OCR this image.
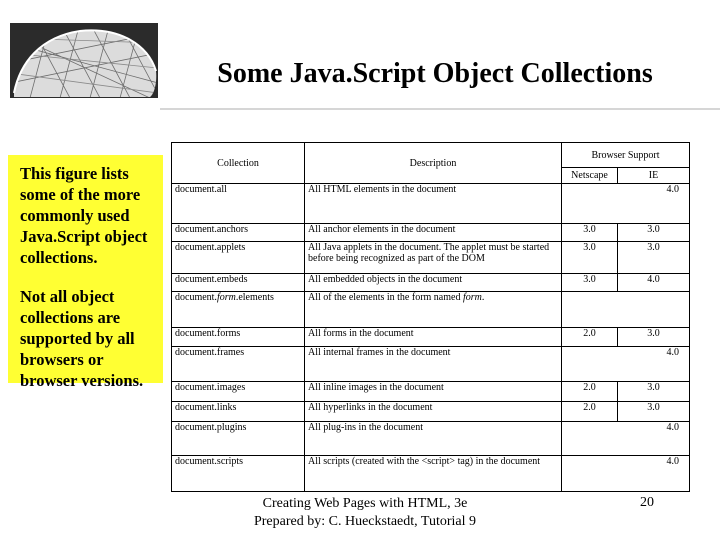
Some Java.Script Object Collections

This figure lists some of the more commonly used Java.Script object collections.

Not all object collections are supported by all browsers or browser versions.

Collection	Description	Browser Support	
		Netscape	IE
document.all	All HTML elements in the document	4.0	
document.anchors	All anchor elements in the document	3.0	3.0
document.applets	All Java applets in the document. The applet must be started before being recognized as part of the DOM	3.0	3.0
document.embeds	All embedded objects in the document	3.0	4.0
document.form.elements	All of the elements in the form named form.		
document.forms	All forms in the document	2.0	3.0
document.frames	All internal frames in the document	4.0	
document.images	All inline images in the document	2.0	3.0
document.links	All hyperlinks in the document	2.0	3.0
document.plugins	All plug-ins in the document	4.0	
document.scripts	All scripts (created with the <script> tag) in the document	4.0	
Creating Web Pages with HTML, 3e
Prepared by: C. Hueckstaedt, Tutorial 9
20
